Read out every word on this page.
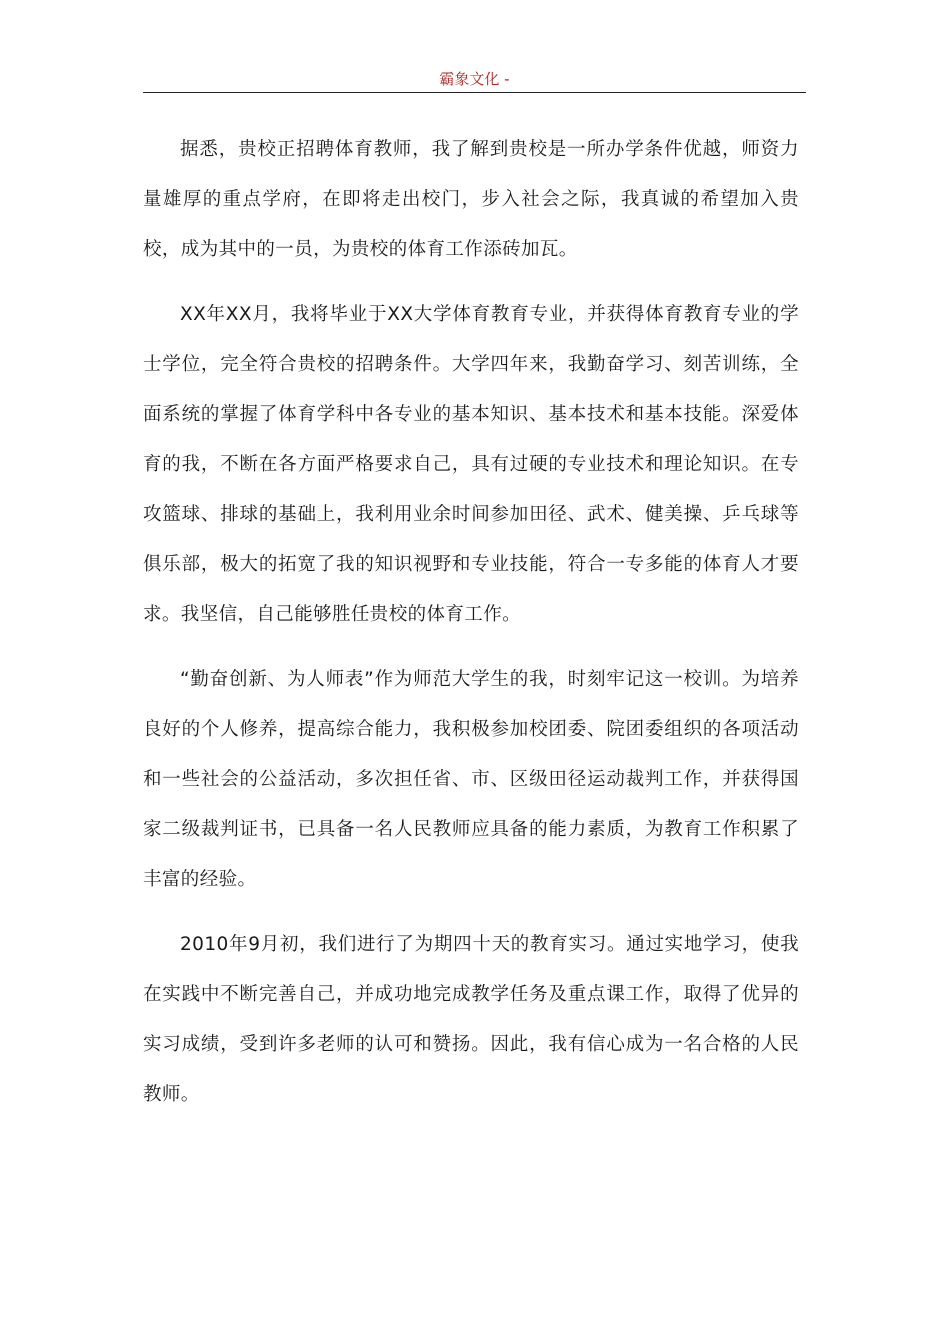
霸象文化 -

据悉，贵校正招聘体育教师，我了解到贵校是一所办学条件优越，师资力量雄厚的重点学府，在即将走出校门，步入社会之际，我真诚的希望加入贵校，成为其中的一员，为贵校的体育工作添砖加瓦。

XX年XX月，我将毕业于XX大学体育教育专业，并获得体育教育专业的学士学位，完全符合贵校的招聘条件。大学四年来，我勤奋学习、刻苦训练，全面系统的掌握了体育学科中各专业的基本知识、基本技术和基本技能。深爱体育的我，不断在各方面严格要求自己，具有过硬的专业技术和理论知识。在专攻篮球、排球的基础上，我利用业余时间参加田径、武术、健美操、乒乓球等俱乐部，极大的拓宽了我的知识视野和专业技能，符合一专多能的体育人才要求。我坚信，自己能够胜任贵校的体育工作。

“勤奋创新、为人师表”作为师范大学生的我，时刻牢记这一校训。为培养良好的个人修养，提高综合能力，我积极参加校团委、院团委组织的各项活动和一些社会的公益活动，多次担任省、市、区级田径运动裁判工作，并获得国家二级裁判证书，已具备一名人民教师应具备的能力素质，为教育工作积累了丰富的经验。

2010年9月初，我们进行了为期四十天的教育实习。通过实地学习，使我在实践中不断完善自己，并成功地完成教学任务及重点课工作，取得了优异的实习成绩，受到许多老师的认可和赞扬。因此，我有信心成为一名合格的人民教师。
